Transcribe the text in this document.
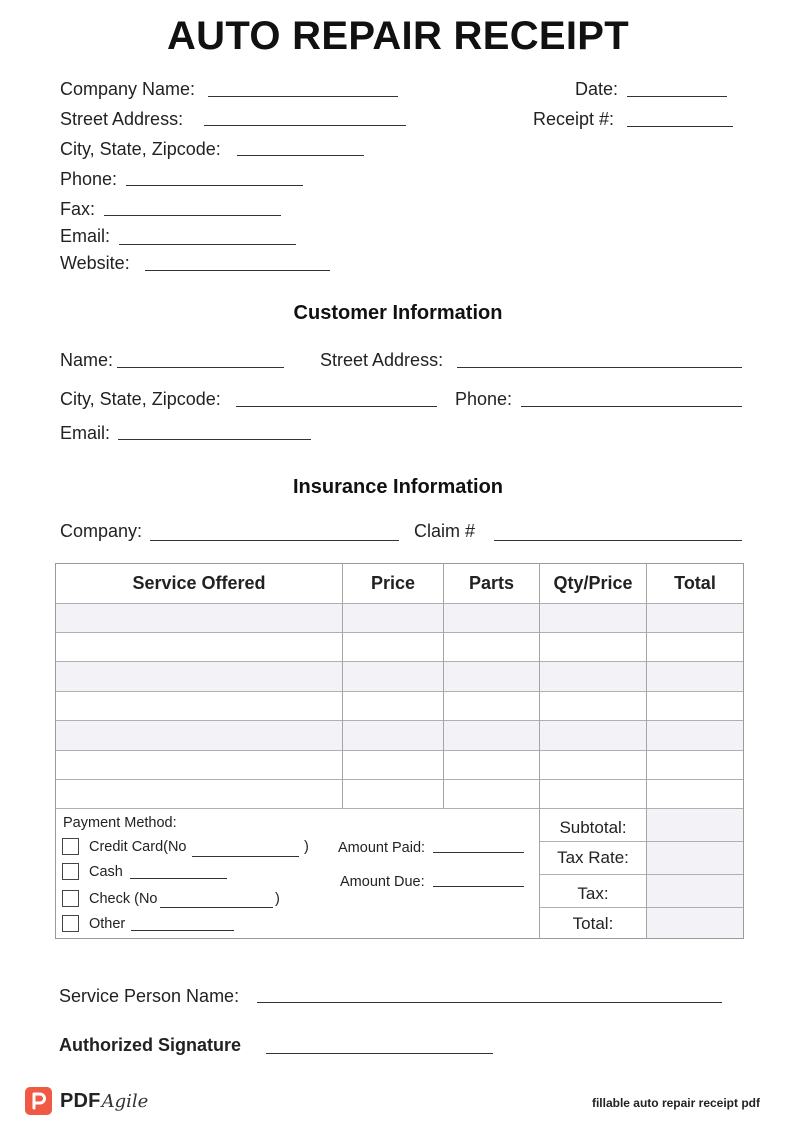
AUTO REPAIR RECEIPT
Company Name:
Street Address:
City, State, Zipcode:
Phone:
Fax:
Email:
Website:
Date:
Receipt #:
Customer Information
Name:	Street Address:
City, State, Zipcode:	Phone:
Email:
Insurance Information
Company:	Claim #
Service Offered	Price	Parts	Qty/Price	Total
Payment Method:
Credit Card(No	)
Cash
Check (No	)
Other
Amount Paid:
Amount Due:
Subtotal:
Tax Rate:
Tax:
Total:
Service Person Name:
Authorized Signature
PDF Agile	fillable auto repair receipt pdf
